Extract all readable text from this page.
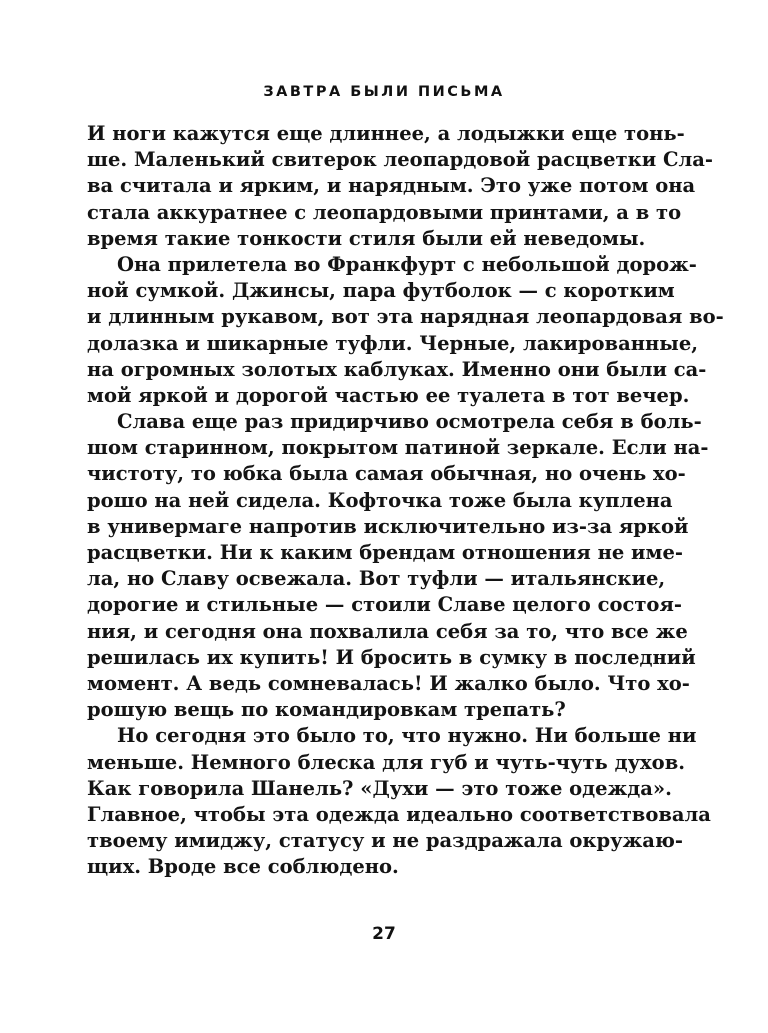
ЗАВТРА БЫЛИ ПИСЬМА
И ноги кажутся еще длиннее, а лодыжки еще тонь-
ше. Маленький свитерок леопардовой расцветки Сла-
ва считала и ярким, и нарядным. Это уже потом она
стала аккуратнее с леопардовыми принтами, а в то
время такие тонкости стиля были ей неведомы.
Она прилетела во Франкфурт с небольшой дорож-
ной сумкой. Джинсы, пара футболок — с коротким
и длинным рукавом, вот эта нарядная леопардовая во-
долазка и шикарные туфли. Черные, лакированные,
на огромных золотых каблуках. Именно они были са-
мой яркой и дорогой частью ее туалета в тот вечер.
Слава еще раз придирчиво осмотрела себя в боль-
шом старинном, покрытом патиной зеркале. Если на-
чистоту, то юбка была самая обычная, но очень хо-
рошо на ней сидела. Кофточка тоже была куплена
в универмаге напротив исключительно из-за яркой
расцветки. Ни к каким брендам отношения не име-
ла, но Славу освежала. Вот туфли — итальянские,
дорогие и стильные — стоили Славе целого состоя-
ния, и сегодня она похвалила себя за то, что все же
решилась их купить! И бросить в сумку в последний
момент. А ведь сомневалась! И жалко было. Что хо-
рошую вещь по командировкам трепать?
Но сегодня это было то, что нужно. Ни больше ни
меньше. Немного блеска для губ и чуть-чуть духов.
Как говорила Шанель? «Духи — это тоже одежда».
Главное, чтобы эта одежда идеально соответствовала
твоему имиджу, статусу и не раздражала окружаю-
щих. Вроде все соблюдено.
27
